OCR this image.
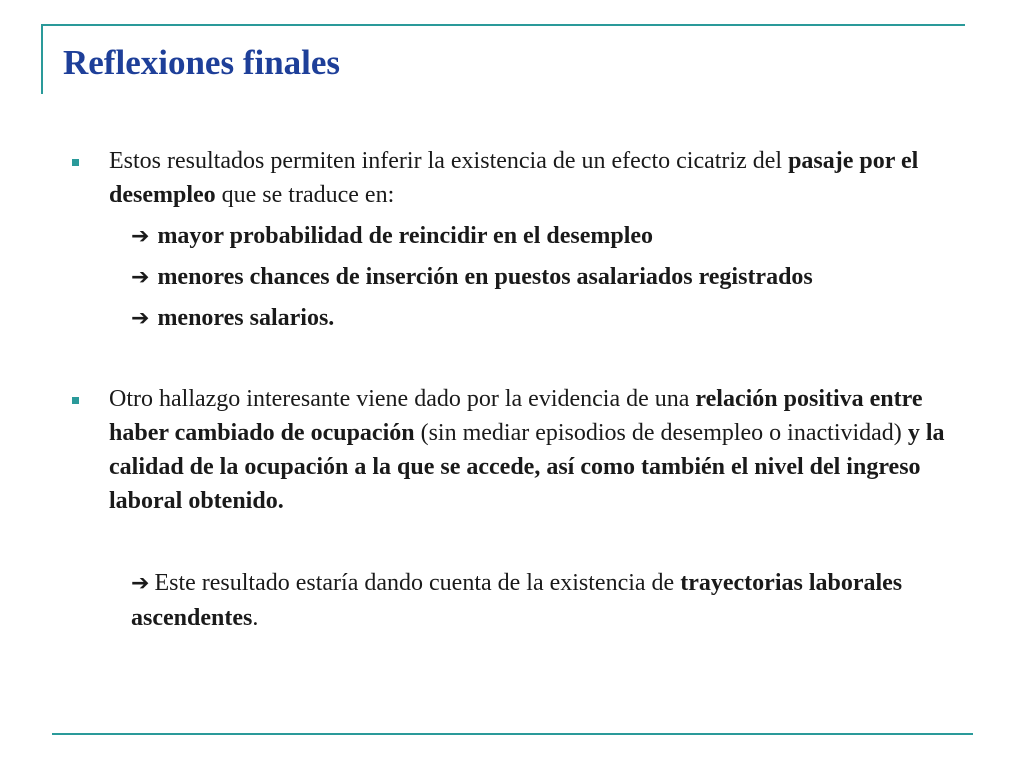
Reflexiones finales

Estos resultados permiten inferir la existencia de un efecto cicatriz del pasaje por el desempleo que se traduce en:

➔ mayor probabilidad de reincidir en el desempleo

➔ menores chances de inserción en puestos asalariados registrados

➔ menores salarios.

Otro hallazgo interesante viene dado por la evidencia de una relación positiva entre haber cambiado de ocupación (sin mediar episodios de desempleo o inactividad) y la calidad de la ocupación a la que se accede, así como también el nivel del ingreso laboral obtenido.

➔ Este resultado estaría dando cuenta de la existencia de trayectorias laborales ascendentes.
